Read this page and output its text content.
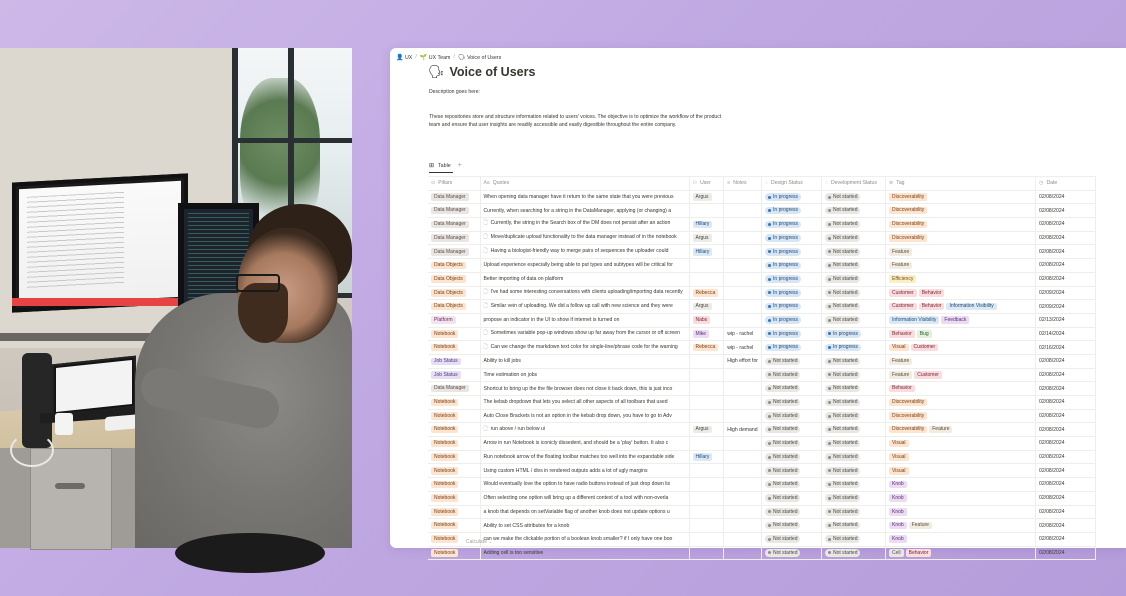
👤 UX / 🌱 UX Team / 🗣 Voice of Users
🗣 Voice of Users
Description goes here:
These repositories store and structure information related to users' voices. The objective is to optimize the workflow of the product team and ensure that user insights are readily accessible and easily digestible throughout the entire company.
⊞ Table +
⊙ Pillars	Aa Quotes	⚇ User	≡ Notes	◌ Design Status	◌ Development Status	⊚ Tag	◷ Date
Data Manager	When opening data manager have it return to the same state that you were previous	Argus		In progress	Not started	Discoverability	02/08/2024
Data Manager	Currently, when searching for a string in the DataManager, applying (or changing) a			In progress	Not started	Discoverability	02/08/2024
Data Manager	🗋 Currently, the string in the Search box of the DM does not persist after an action	Hillary		In progress	Not started	Discoverability	02/08/2024
Data Manager	🗋 Move/duplicate upload functionality to the data manager instead of in the notebook	Argus		In progress	Not started	Discoverability	02/08/2024
Data Manager	🗋 Having a biologist-friendly way to merge pairs of sequences the uploader could	Hillary		In progress	Not started	Feature	02/08/2024
Data Objects	Upload experience especially being able to put types and subtypes will be critical for			In progress	Not started	Feature	02/08/2024
Data Objects	Better importing of data on platform			In progress	Not started	Efficiency	02/08/2024
Data Objects	🗋 I've had some interesting conversations with clients uploading/importing data recently	Rebecca		In progress	Not started	Customer Behavior	02/09/2024
Data Objects	🗋 Similar vein of uploading. We did a follow up call with new science and they were	Argus		In progress	Not started	Customer Behavior Information Visibility	02/09/2024
Platform	propose an indicator in the UI to show if internet is turned on	Nabs		In progress	Not started	Information Visibility Feedback	02/13/2024
Notebook	🗋 Sometimes variable pop-up windows show up far away from the cursor or off screen	Mike	wip - rachel	In progress	In progress	Behavior Bug	02/14/2024
Notebook	🗋 Can we change the markdown text color for single-line/phrase code for the warning	Rebecca	wip - rachel	In progress	In progress	Visual Customer	02/16/2024
Job Status	Ability to kill jobs		High effort for	Not started	Not started	Feature	02/08/2024
Job Status	Time estimation on jobs			Not started	Not started	Feature Customer	02/08/2024
Data Manager	Shortcut to bring up the the file browser does not close it back down, this is just inco			Not started	Not started	Behavior	02/08/2024
Notebook	The kebab dropdown that lets you select all other aspects of all toolbars that used			Not started	Not started	Discoverability	02/08/2024
Notebook	Auto Close Brackets is not an option in the kebab drop down, you have to go to Adv			Not started	Not started	Discoverability	02/08/2024
Notebook	🗋 run above / run below ui	Argus	High demand	Not started	Not started	Discoverability Feature	02/08/2024
Notebook	Arrow in run Notebook is iconicly dissedent, and should be a 'play' button. It also c			Not started	Not started	Visual	02/08/2024
Notebook	Run notebook arrow of the floating toolbar matches too well into the expandable side	Hillary		Not started	Not started	Visual	02/08/2024
Notebook	Using custom HTML / divs in rendered outputs adds a lot of ugly margins			Not started	Not started	Visual	02/08/2024
Notebook	Would eventually love the option to have radio buttons instead of just drop down lis			Not started	Not started	Knob	02/08/2024
Notebook	Often selecting one option will bring up a different context of a tool with non-overla			Not started	Not started	Knob	02/08/2024
Notebook	a knob that depends on setVariable flag of another knob does not update options u			Not started	Not started	Knob	02/08/2024
Notebook	Ability to set CSS attributes for a knob			Not started	Not started	Knob Feature	02/08/2024
Notebook	can we make the clickable portion of a boolean knob smaller? if I only have one boo			Not started	Not started	Knob	02/08/2024
Notebook	Adding cell is too sensitive			Not started	Not started	Cell Behavior	02/08/2024
Calculate ⌄
